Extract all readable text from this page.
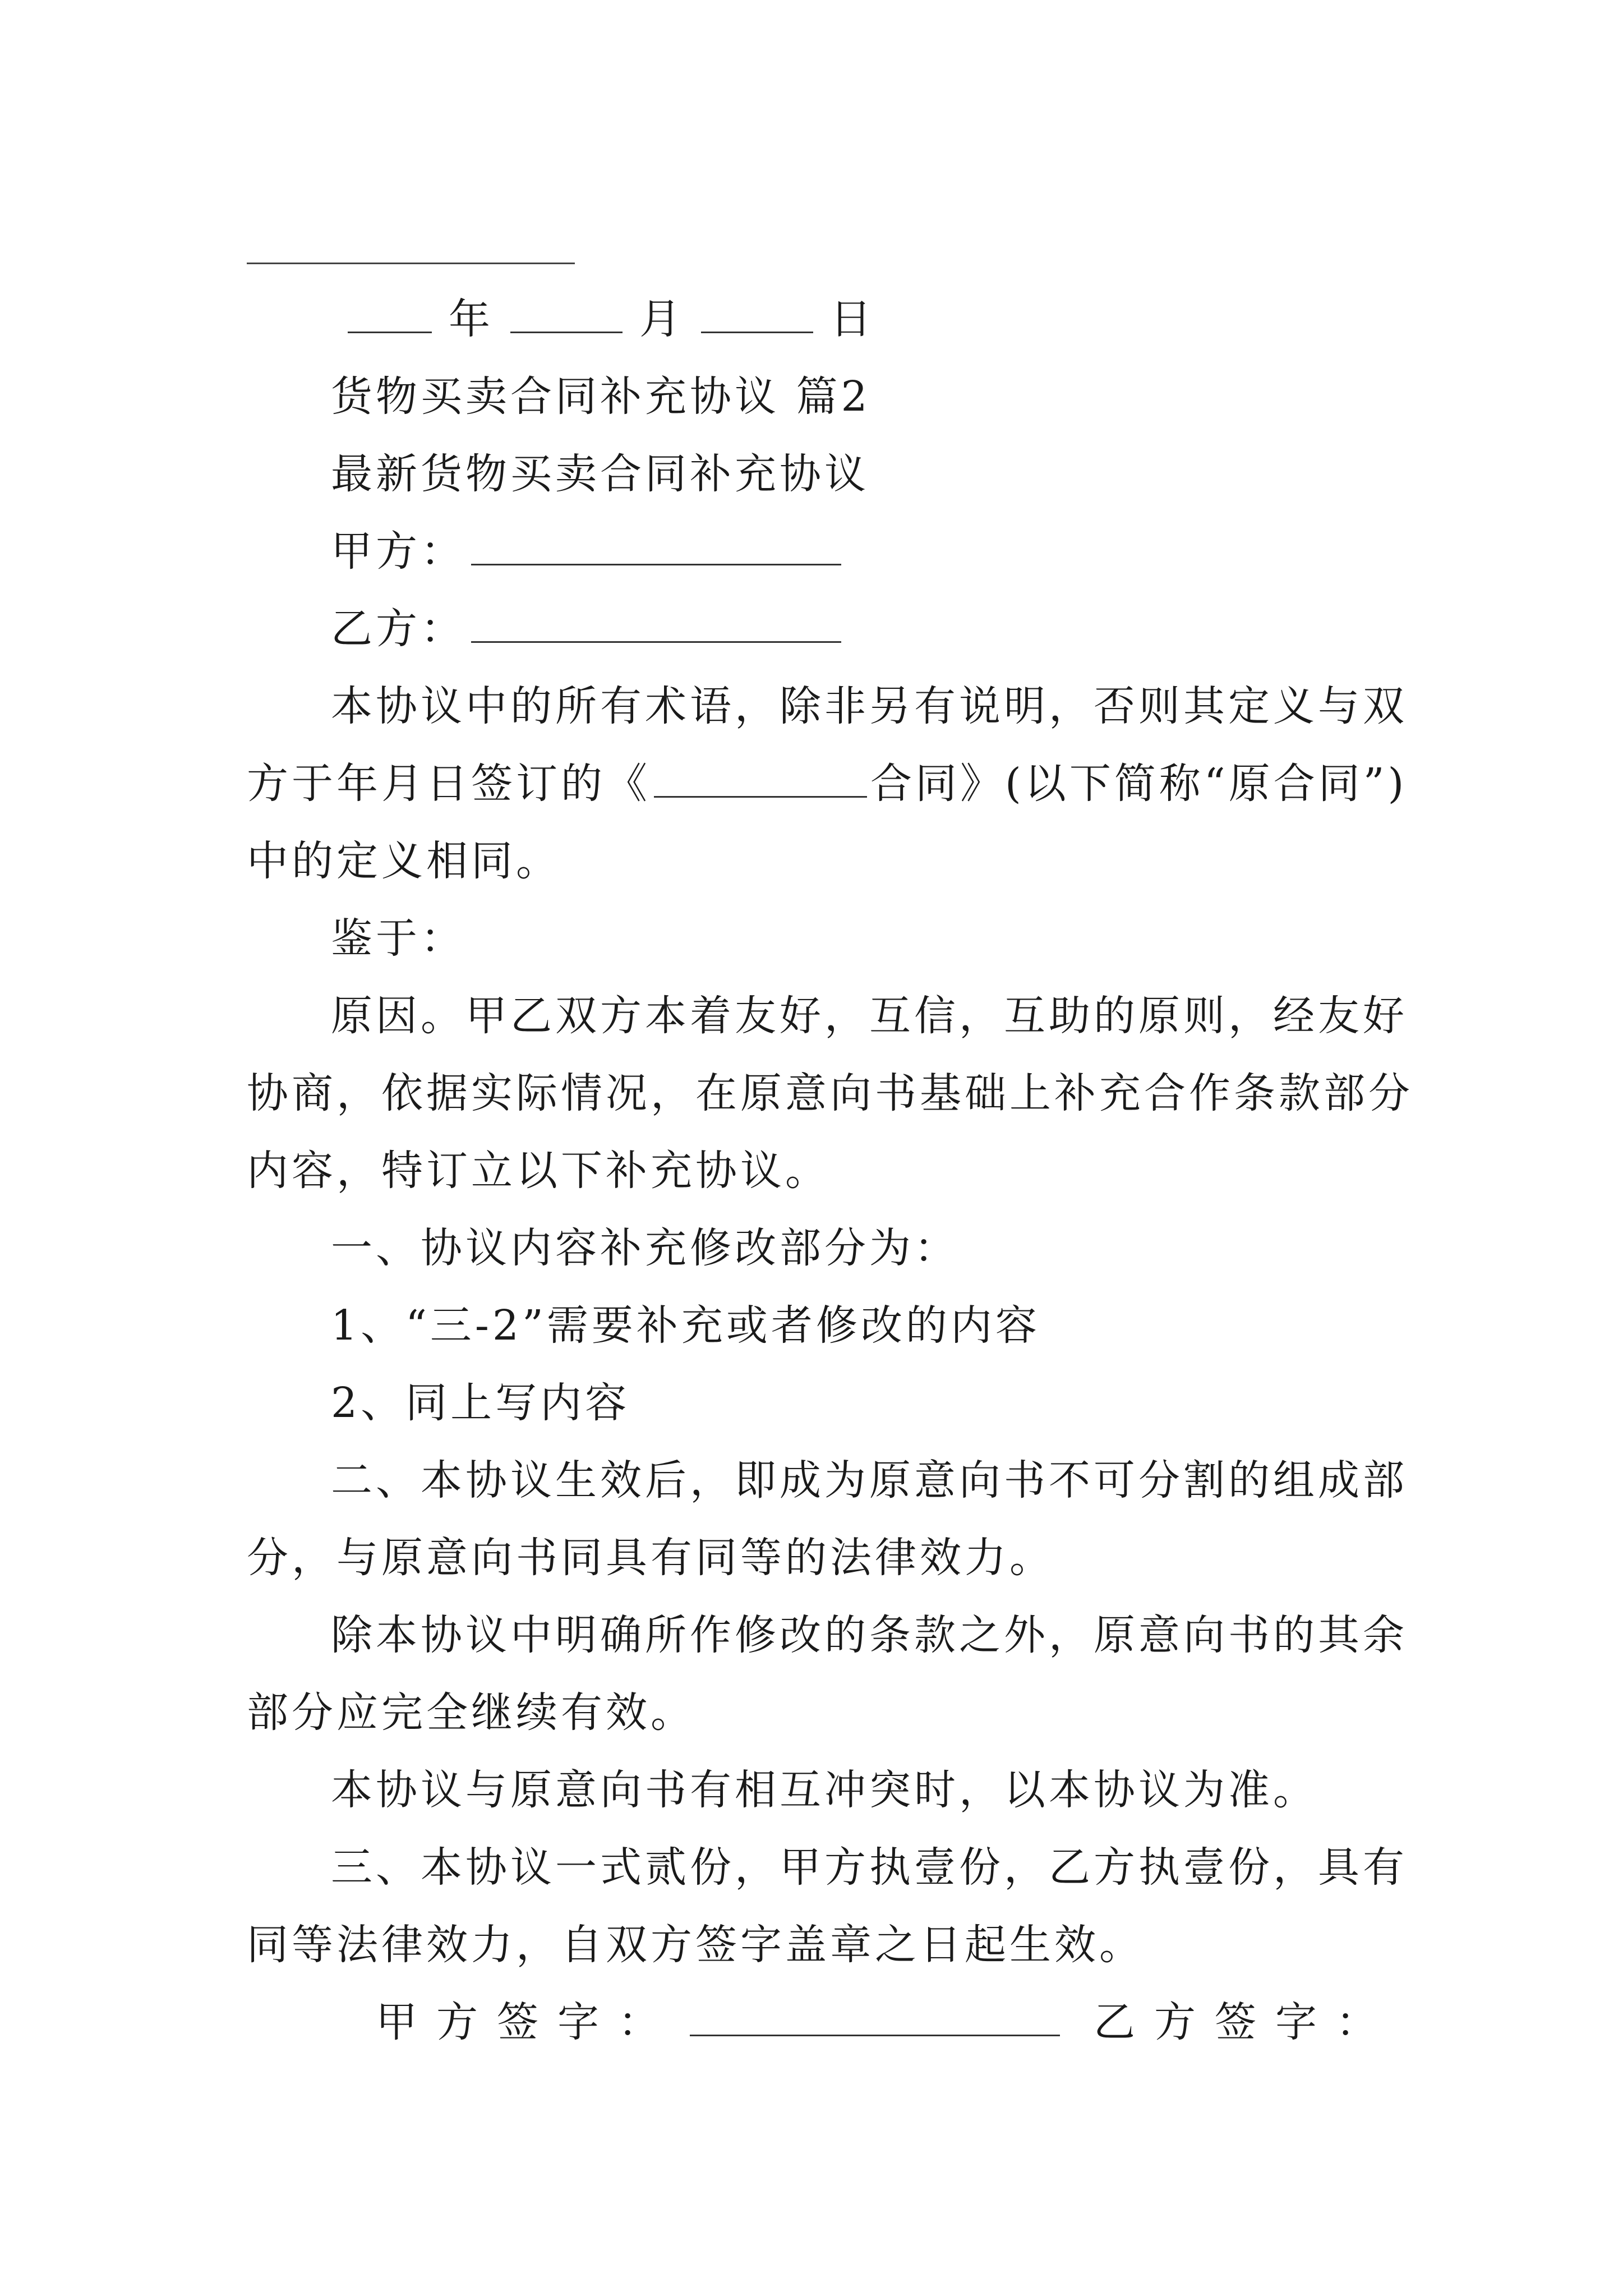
年	月	日
货物买卖合同补充协议 篇2
最新货物买卖合同补充协议
甲方：
乙方：
本协议中的所有术语，除非另有说明，否则其定义与双
方于年月日签订的《	合同》(以下简称“原合同”)
中的定义相同。
鉴于：
原因。甲乙双方本着友好，互信，互助的原则，经友好
协商，依据实际情况，在原意向书基础上补充合作条款部分
内容，特订立以下补充协议。
一、协议内容补充修改部分为：
1、“三-2”需要补充或者修改的内容
2、同上写内容
二、本协议生效后，即成为原意向书不可分割的组成部
分，与原意向书同具有同等的法律效力。
除本协议中明确所作修改的条款之外，原意向书的其余
部分应完全继续有效。
本协议与原意向书有相互冲突时，以本协议为准。
三、本协议一式贰份，甲方执壹份，乙方执壹份，具有
同等法律效力，自双方签字盖章之日起生效。
甲方签字：	乙方签字：
